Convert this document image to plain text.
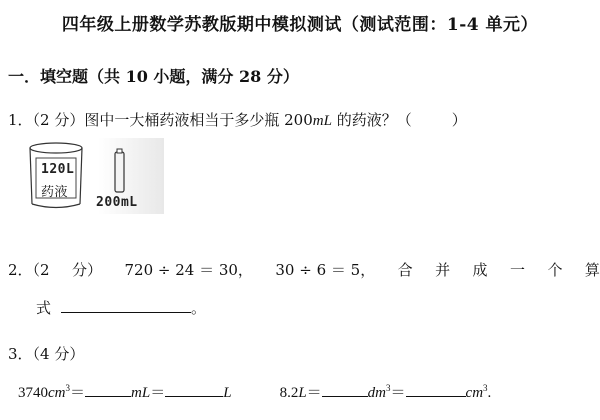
四年级上册数学苏教版期中模拟测试（测试范围：1-4 单元）
一．填空题（共 10 小题，满分 28 分）
1．（2 分）图中一大桶药液相当于多少瓶 200mL 的药液？（	）
120L
药液
200mL
2．（2 分） 720 ÷ 24 ＝ 30， 30 ÷ 6 ＝ 5， 合 并 成 一 个 算
式	。
3．（4 分）
$3740cm^3=$	mL＝	L	8.2L＝	$dm^3=$	$cm^3$.
